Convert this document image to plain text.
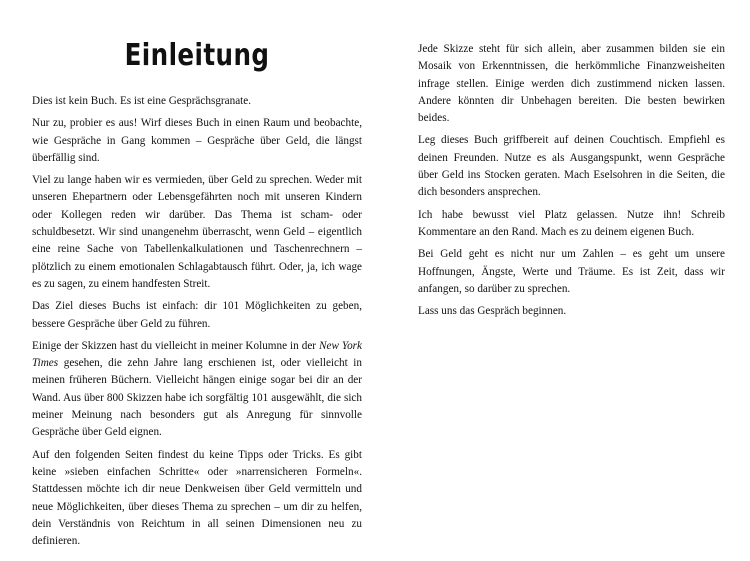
Einleitung

Dies ist kein Buch. Es ist eine Gesprächsgranate.

Nur zu, probier es aus! Wirf dieses Buch in einen Raum und beobachte, wie Gespräche in Gang kommen – Gespräche über Geld, die längst überfällig sind.

Viel zu lange haben wir es vermieden, über Geld zu sprechen. Weder mit unseren Ehepartnern oder Lebensgefährten noch mit unseren Kindern oder Kollegen reden wir darüber. Das Thema ist scham- oder schuldbesetzt. Wir sind unangenehm überrascht, wenn Geld – eigentlich eine reine Sache von Tabellenkalkulationen und Taschenrechnern – plötzlich zu einem emotionalen Schlagabtausch führt. Oder, ja, ich wage es zu sagen, zu einem handfesten Streit.

Das Ziel dieses Buchs ist einfach: dir 101 Möglichkeiten zu geben, bessere Gespräche über Geld zu führen.

Einige der Skizzen hast du vielleicht in meiner Kolumne in der New York Times gesehen, die zehn Jahre lang erschienen ist, oder vielleicht in meinen früheren Büchern. Vielleicht hängen einige sogar bei dir an der Wand. Aus über 800 Skizzen habe ich sorgfältig 101 ausgewählt, die sich meiner Meinung nach besonders gut als Anregung für sinnvolle Gespräche über Geld eignen.

Auf den folgenden Seiten findest du keine Tipps oder Tricks. Es gibt keine »sieben einfachen Schritte« oder »narrensicheren Formeln«. Stattdessen möchte ich dir neue Denkweisen über Geld vermitteln und neue Möglichkeiten, über dieses Thema zu sprechen – um dir zu helfen, dein Verständnis von Reichtum in all seinen Dimensionen neu zu definieren.

Jede Skizze steht für sich allein, aber zusammen bilden sie ein Mosaik von Erkenntnissen, die herkömmliche Finanzweisheiten infrage stellen. Einige werden dich zustimmend nicken lassen. Andere könnten dir Unbehagen bereiten. Die besten bewirken beides.

Leg dieses Buch griffbereit auf deinen Couchtisch. Empfiehl es deinen Freunden. Nutze es als Ausgangspunkt, wenn Gespräche über Geld ins Stocken geraten. Mach Eselsohren in die Seiten, die dich besonders ansprechen.

Ich habe bewusst viel Platz gelassen. Nutze ihn! Schreib Kommentare an den Rand. Mach es zu deinem eigenen Buch.

Bei Geld geht es nicht nur um Zahlen – es geht um unsere Hoffnungen, Ängste, Werte und Träume. Es ist Zeit, dass wir anfangen, so darüber zu sprechen.

Lass uns das Gespräch beginnen.
